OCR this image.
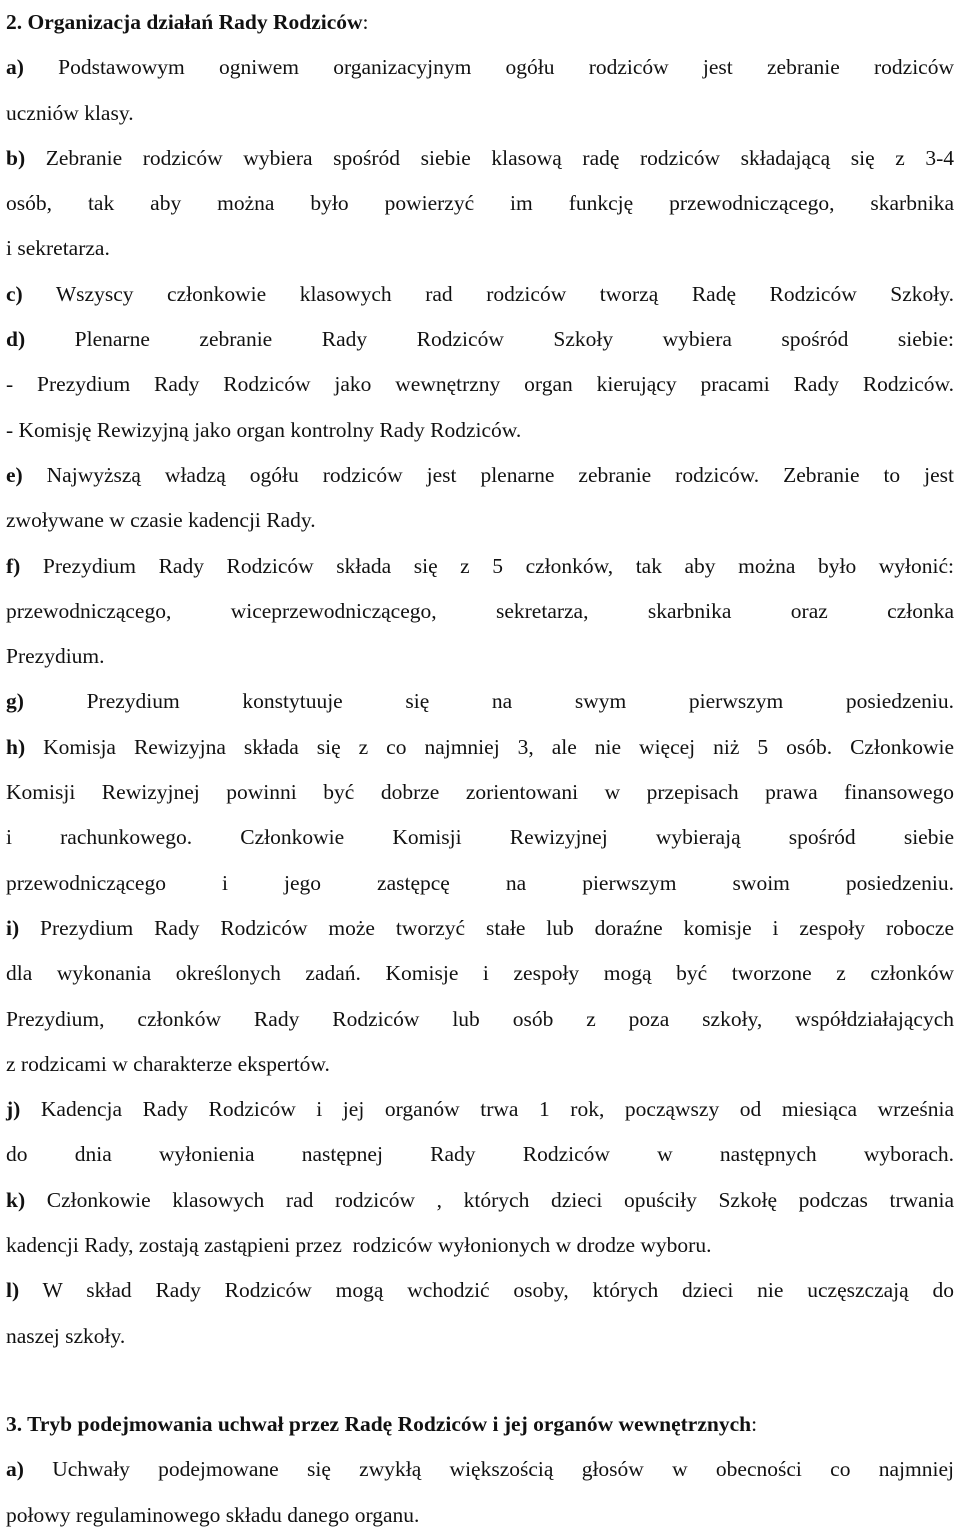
2. Organizacja działań Rady Rodziców:
a) Podstawowym ogniwem organizacyjnym ogółu rodziców jest zebranie rodziców
uczniów klasy.
b) Zebranie rodziców wybiera spośród siebie klasową radę rodziców składającą się z 3-4
osób, tak aby można było powierzyć im funkcję przewodniczącego, skarbnika
i sekretarza.
c) Wszyscy członkowie klasowych rad rodziców tworzą Radę Rodziców Szkoły.
d) Plenarne zebranie Rady Rodziców Szkoły wybiera spośród siebie:
- Prezydium Rady Rodziców jako wewnętrzny organ kierujący pracami Rady Rodziców.
- Komisję Rewizyjną jako organ kontrolny Rady Rodziców.
e) Najwyższą władzą ogółu rodziców jest plenarne zebranie rodziców. Zebranie to jest
zwoływane w czasie kadencji Rady.
f) Prezydium Rady Rodziców składa się z 5 członków, tak aby można było wyłonić:
przewodniczącego, wiceprzewodniczącego, sekretarza, skarbnika oraz członka
Prezydium.
g) Prezydium konstytuuje się na swym pierwszym posiedzeniu.
h) Komisja Rewizyjna składa się z co najmniej 3, ale nie więcej niż 5 osób. Członkowie
Komisji Rewizyjnej powinni być dobrze zorientowani w przepisach prawa finansowego
i rachunkowego. Członkowie Komisji Rewizyjnej wybierają spośród siebie
przewodniczącego i jego zastępcę na pierwszym swoim posiedzeniu.
i) Prezydium Rady Rodziców może tworzyć stałe lub doraźne komisje i zespoły robocze
dla wykonania określonych zadań. Komisje i zespoły mogą być tworzone z członków
Prezydium, członków Rady Rodziców lub osób z poza szkoły, współdziałających
z rodzicami w charakterze ekspertów.
j) Kadencja Rady Rodziców i jej organów trwa 1 rok, począwszy od miesiąca września
do dnia wyłonienia następnej Rady Rodziców w następnych wyborach.
k) Członkowie klasowych rad rodziców , których dzieci opuściły Szkołę podczas trwania
kadencji Rady, zostają zastąpieni przez  rodziców wyłonionych w drodze wyboru.
l) W skład Rady Rodziców mogą wchodzić osoby, których dzieci nie uczęszczają do
naszej szkoły.
3. Tryb podejmowania uchwał przez Radę Rodziców i jej organów wewnętrznych:
a) Uchwały podejmowane się zwykłą większością głosów w obecności co najmniej
połowy regulaminowego składu danego organu.
